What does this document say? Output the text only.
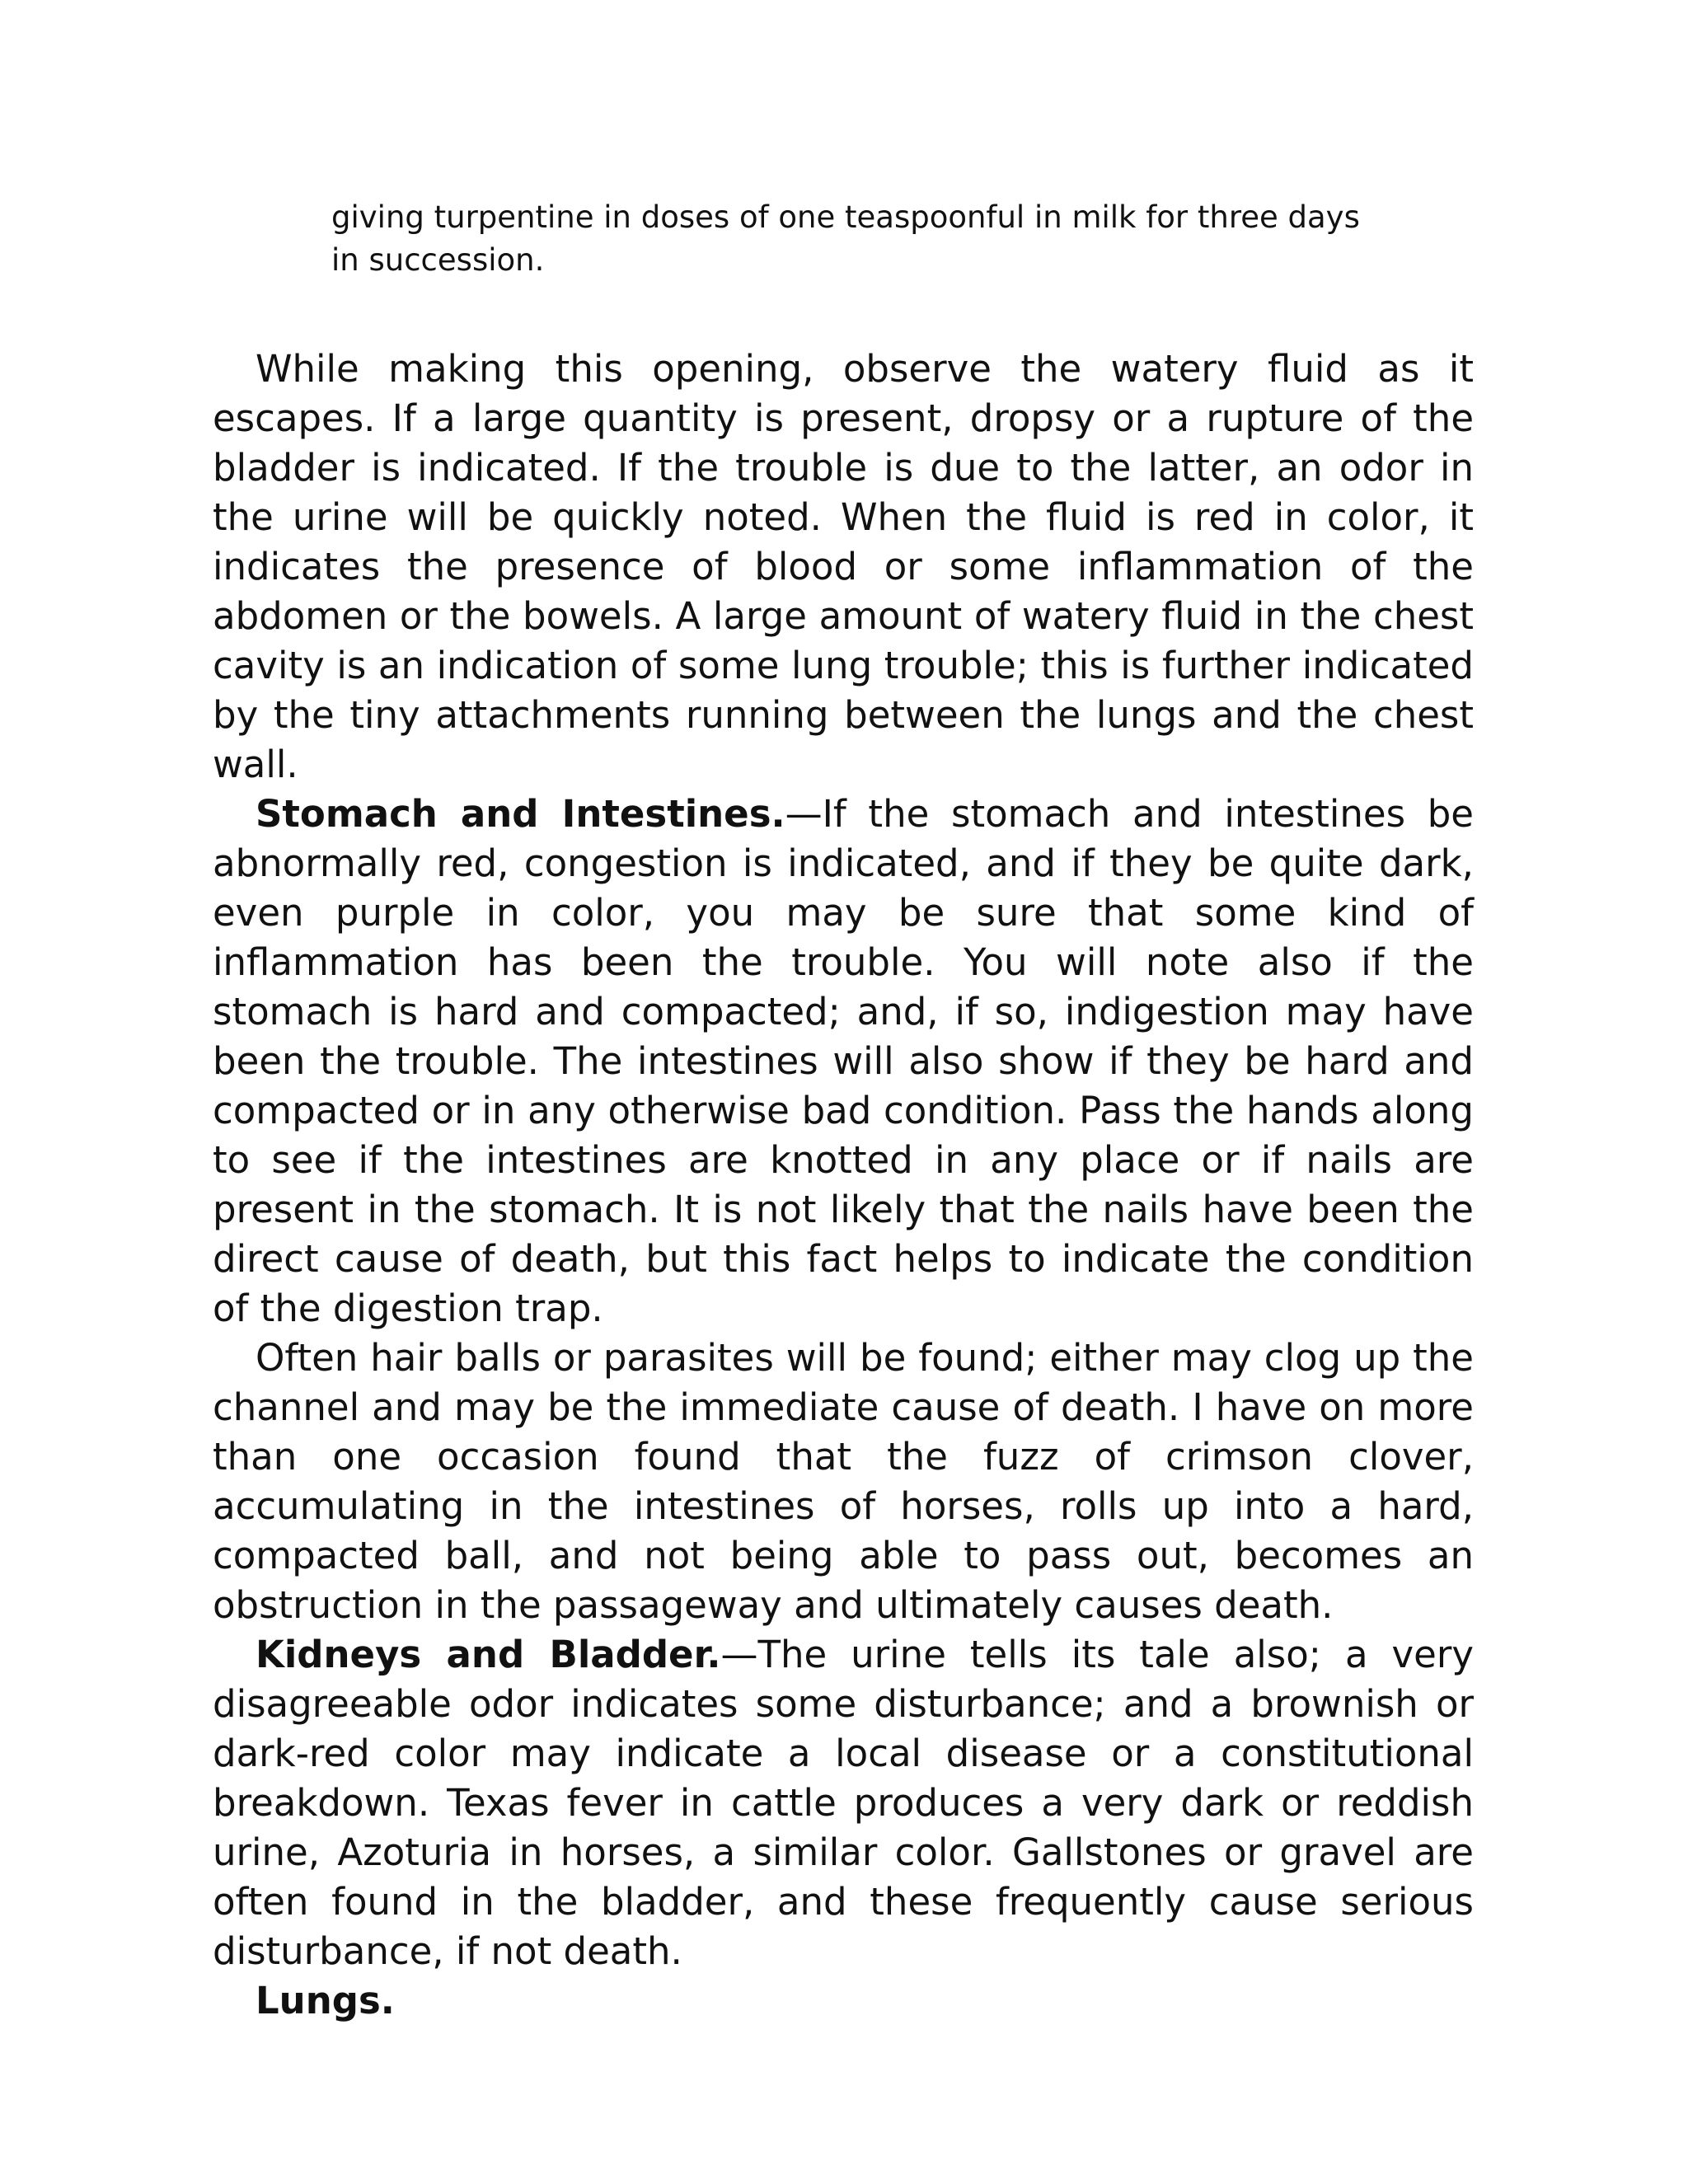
giving turpentine in doses of one teaspoonful in milk for three days
in succession.

While making this opening, observe the watery fluid as it escapes. If a large quantity is present, dropsy or a rupture of the bladder is indicated. If the trouble is due to the latter, an odor in the urine will be quickly noted. When the fluid is red in color, it indicates the presence of blood or some inflammation of the abdomen or the bowels. A large amount of watery fluid in the chest cavity is an indication of some lung trouble; this is further indicated by the tiny attachments running between the lungs and the chest wall.

Stomach and Intestines.—If the stomach and intestines be abnormally red, congestion is indicated, and if they be quite dark, even purple in color, you may be sure that some kind of inflammation has been the trouble. You will note also if the stomach is hard and compacted; and, if so, indigestion may have been the trouble. The intestines will also show if they be hard and compacted or in any otherwise bad condition. Pass the hands along to see if the intestines are knotted in any place or if nails are present in the stomach. It is not likely that the nails have been the direct cause of death, but this fact helps to indicate the condition of the digestion trap.

Often hair balls or parasites will be found; either may clog up the channel and may be the immediate cause of death. I have on more than one occasion found that the fuzz of crimson clover, accumulating in the intestines of horses, rolls up into a hard, compacted ball, and not being able to pass out, becomes an obstruction in the passageway and ultimately causes death.

Kidneys and Bladder.—The urine tells its tale also; a very disagreeable odor indicates some disturbance; and a brownish or dark-red color may indicate a local disease or a constitutional breakdown. Texas fever in cattle produces a very dark or reddish urine, Azoturia in horses, a similar color. Gallstones or gravel are often found in the bladder, and these frequently cause serious disturbance, if not death.

Lungs.
